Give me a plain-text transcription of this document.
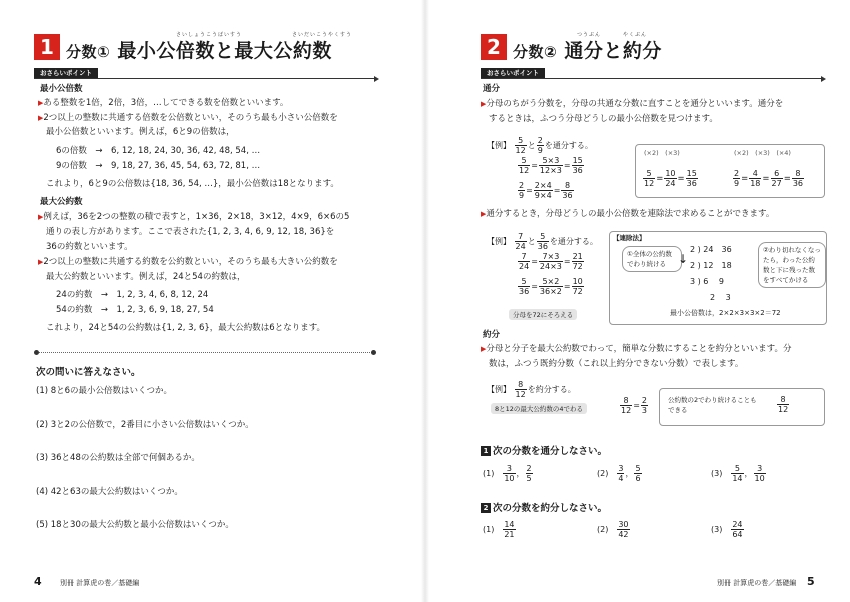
1	さいしょうこうばいすう	さいだいこうやくすう
分数① 最小公倍数と最大公約数
おさらいポイント
最小公倍数
▶ある整数を1倍，2倍，3倍，…してできる数を倍数といいます。
▶2つ以上の整数に共通する倍数を公倍数といい，そのうち最も小さい公倍数を
最小公倍数といいます。例えば，6と9の倍数は，
6の倍数　→　6, 12, 18, 24, 30, 36, 42, 48, 54, …
9の倍数　→　9, 18, 27, 36, 45, 54, 63, 72, 81, …
これより，6と9の公倍数は{18, 36, 54, …}，最小公倍数は18となります。
最大公約数
▶例えば，36を2つの整数の積で表すと，1×36，2×18，3×12，4×9，6×6の5
通りの表し方があります。ここで表された{1, 2, 3, 4, 6, 9, 12, 18, 36}を
36の約数といいます。
▶2つ以上の整数に共通する約数を公約数といい，そのうち最も大きい公約数を
最大公約数といいます。例えば，24と54の約数は，
24の約数　→　1, 2, 3, 4, 6, 8, 12, 24
54の約数　→　1, 2, 3, 6, 9, 18, 27, 54
これより，24と54の公約数は{1, 2, 3, 6}，最大公約数は6となります。
次の問いに答えなさい。
(1) 8と6の最小公倍数はいくつか。
(2) 3と2の公倍数で，2番目に小さい公倍数はいくつか。
(3) 36と48の公約数は全部で何個あるか。
(4) 42と63の最大公約数はいくつか。
(5) 18と30の最大公約数と最小公倍数はいくつか。
4	別冊 計算虎の巻／基礎編
2	つうぶん	やくぶん
分数② 通分と約分
おさらいポイント
通分
▶分母のちがう分数を，分母の共通な分数に直すことを通分といいます。通分を
するときは，ふつう分母どうしの最小公倍数を見つけます。
【例】 $\frac{5}{12}$ と $\frac{2}{9}$ を通分する。
$\frac{5}{12} = \frac{5\times 3}{12\times 3} = \frac{15}{36}$
$\frac{2}{9} = \frac{2\times 4}{9\times 4} = \frac{8}{36}$
(×2)　 (×3)	(×2)　 (×3)　 (×4)
$\frac{5}{12} = \frac{10}{24} = \frac{15}{36}$	$\frac{2}{9} = \frac{4}{18} = \frac{6}{27} = \frac{8}{36}$
▶通分するとき，分母どうしの最小公倍数を連除法で求めることができます。
【例】 $\frac{7}{24}$ と $\frac{5}{36}$ を通分する。
$\frac{7}{24} = \frac{7\times 3}{24\times 3} = \frac{21}{72}$
$\frac{5}{36} = \frac{5\times 2}{36\times 2} = \frac{10}{72}$
分母を72にそろえる
【連除法】
①全体の公約数でわり続ける	↓
2 ) 24　36
2 ) 12　18
3 ) 6　 9
2　 3
②わり切れなくなったら，わった公約数と下に残った数をすべてかける
最小公倍数は，2×2×3×3×2＝72
約分
▶分母と分子を最大公約数でわって，簡単な分数にすることを約分といいます。分
数は，ふつう既約分数（これ以上約分できない分数）で表します。
【例】 $\frac{8}{12}$ を約分する。
8と12の最大公約数の4でわる	$\frac{8}{12} = \frac{2}{3}$	公約数の2でわり続けることもできる	$\frac{8}{12}$
1 次の分数を通分しなさい。
(1)　 $\frac{3}{10}$ ， $\frac{2}{5}$	(2)　 $\frac{3}{4}$ ， $\frac{5}{6}$	(3)　 $\frac{5}{14}$ ， $\frac{3}{10}$
2 次の分数を約分しなさい。
(1)　 $\frac{14}{21}$	(2)　 $\frac{30}{42}$	(3)　 $\frac{24}{64}$
別冊 計算虎の巻／基礎編 5
